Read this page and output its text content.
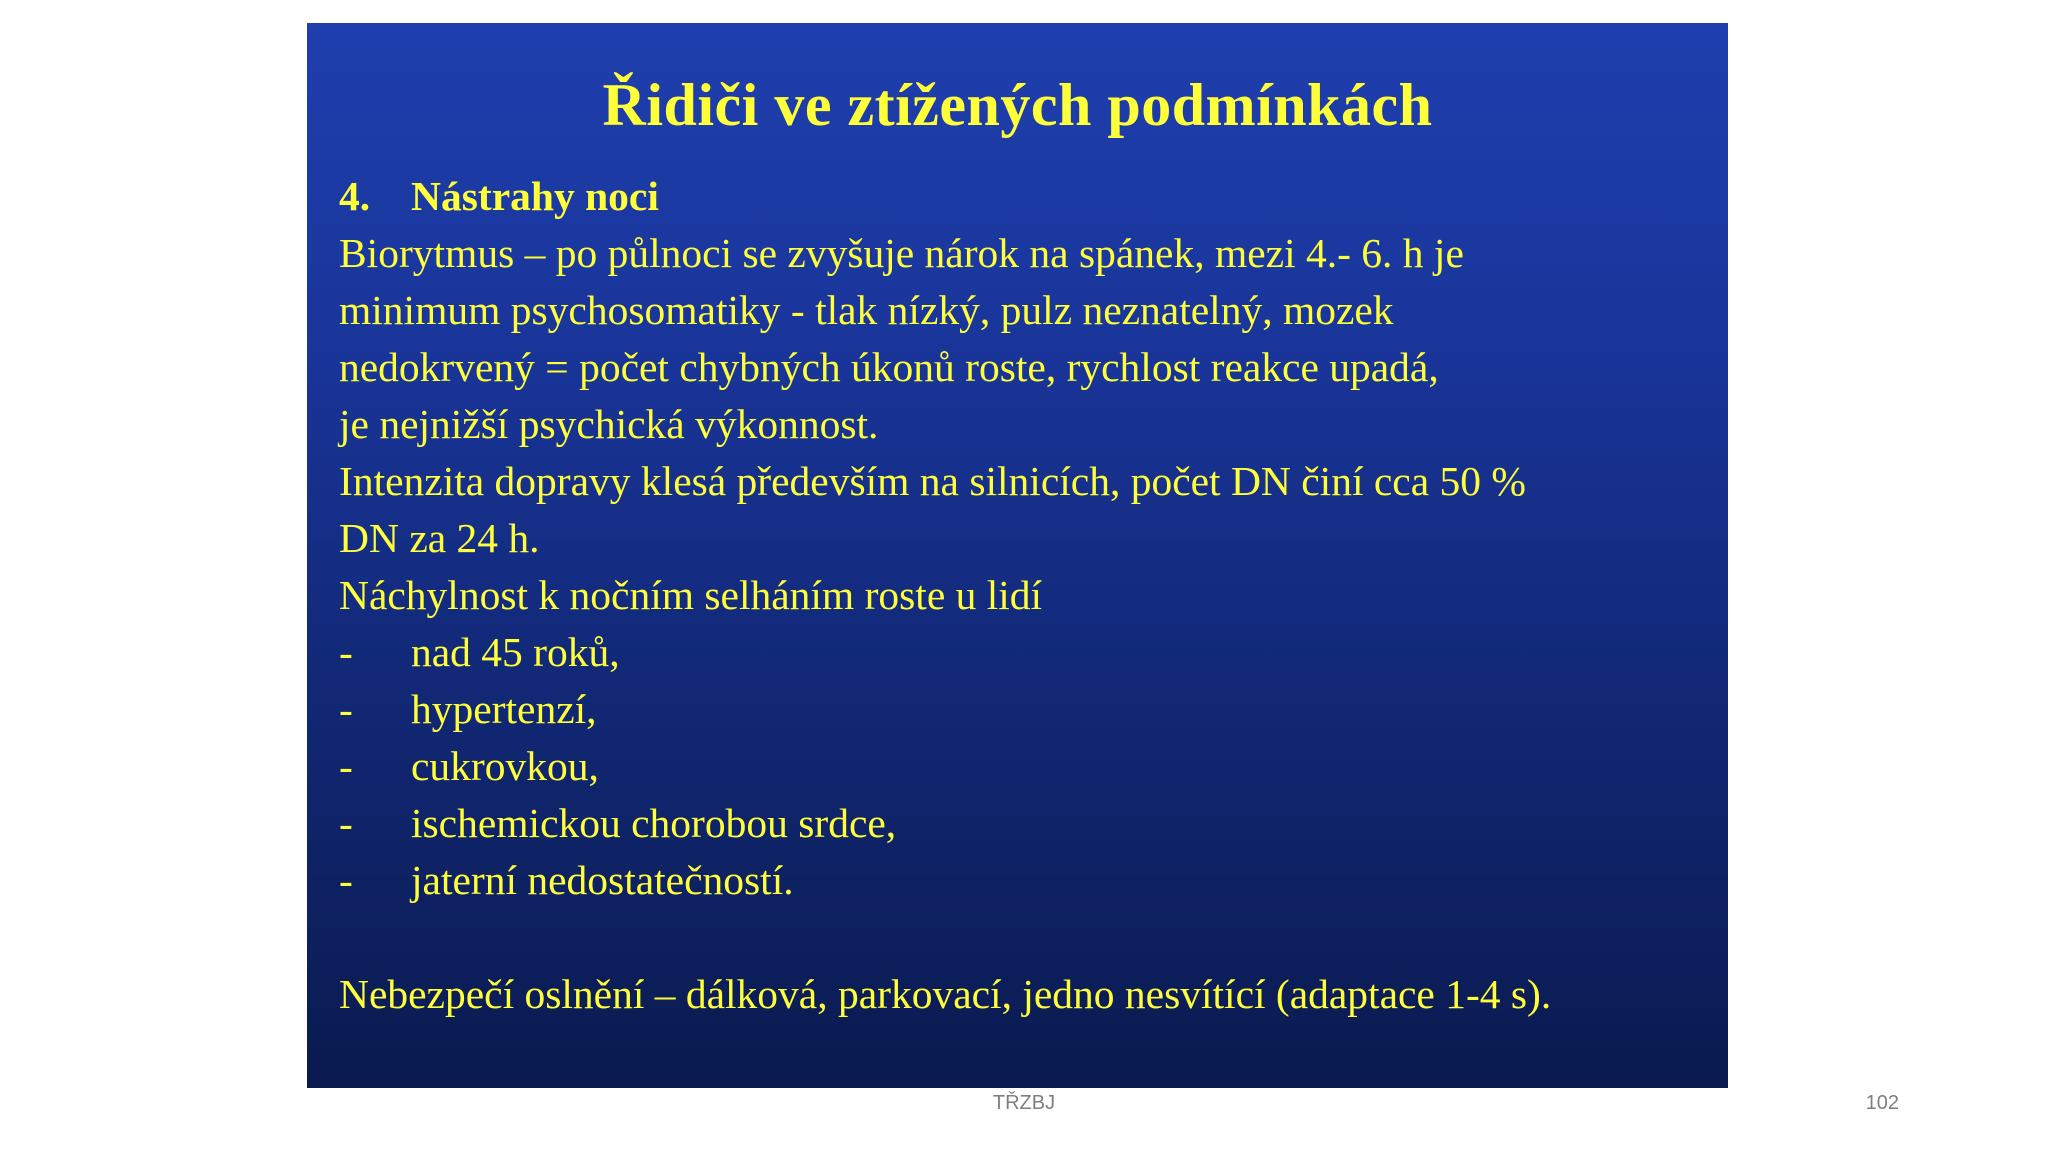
Řidiči ve ztížených podmínkách
4. Nástrahy noci
Biorytmus – po půlnoci se zvyšuje nárok na spánek, mezi 4.- 6. h je
minimum psychosomatiky - tlak nízký, pulz neznatelný, mozek
nedokrvený = počet chybných úkonů roste, rychlost reakce upadá,
je nejnižší psychická výkonnost.
Intenzita dopravy klesá především na silnicích, počet DN činí cca 50 %
DN za 24 h.
Náchylnost k nočním selháním roste u lidí
- nad 45 roků,
- hypertenzí,
- cukrovkou,
- ischemickou chorobou srdce,
- jaterní nedostatečností.
Nebezpečí oslnění – dálková, parkovací, jedno nesvítící (adaptace 1-4 s).
TŘZBJ	102
